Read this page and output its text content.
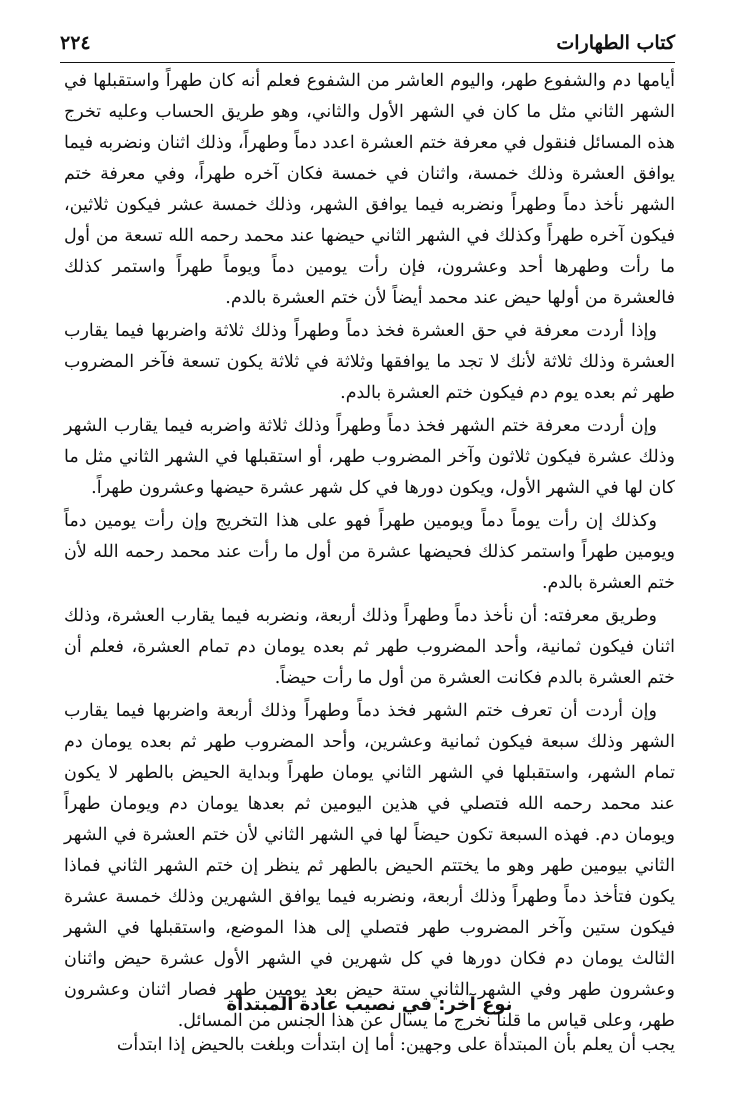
كتاب الطهارات
٢٢٤

أيامها دم والشفوع طهر، واليوم العاشر من الشفوع فعلم أنه كان طهراً واستقبلها في الشهر الثاني مثل ما كان في الشهر الأول والثاني، وهو طريق الحساب وعليه تخرج هذه المسائل فنقول في معرفة ختم العشرة اعدد دماً وطهراً، وذلك اثنان ونضربه فيما يوافق العشرة وذلك خمسة، واثنان في خمسة فكان آخره طهراً، وفي معرفة ختم الشهر نأخذ دماً وطهراً ونضربه فيما يوافق الشهر، وذلك خمسة عشر فيكون ثلاثين، فيكون آخره طهراً وكذلك في الشهر الثاني حيضها عند محمد رحمه الله تسعة من أول ما رأت وطهرها أحد وعشرون، فإن رأت يومين دماً ويوماً طهراً واستمر كذلك فالعشرة من أولها حيض عند محمد أيضاً لأن ختم العشرة بالدم.

وإذا أردت معرفة في حق العشرة فخذ دماً وطهراً وذلك ثلاثة واضربها فيما يقارب العشرة وذلك ثلاثة لأنك لا تجد ما يوافقها وثلاثة في ثلاثة يكون تسعة فآخر المضروب طهر ثم بعده يوم دم فيكون ختم العشرة بالدم.

وإن أردت معرفة ختم الشهر فخذ دماً وطهراً وذلك ثلاثة واضربه فيما يقارب الشهر وذلك عشرة فيكون ثلاثون وآخر المضروب طهر، أو استقبلها في الشهر الثاني مثل ما كان لها في الشهر الأول، ويكون دورها في كل شهر عشرة حيضها وعشرون طهراً.

وكذلك إن رأت يوماً دماً ويومين طهراً فهو على هذا التخريج وإن رأت يومين دماً ويومين طهراً واستمر كذلك فحيضها عشرة من أول ما رأت عند محمد رحمه الله لأن ختم العشرة بالدم.

وطريق معرفته: أن نأخذ دماً وطهراً وذلك أربعة، ونضربه فيما يقارب العشرة، وذلك اثنان فيكون ثمانية، وأحد المضروب طهر ثم بعده يومان دم تمام العشرة، فعلم أن ختم العشرة بالدم فكانت العشرة من أول ما رأت حيضاً.

وإن أردت أن تعرف ختم الشهر فخذ دماً وطهراً وذلك أربعة واضربها فيما يقارب الشهر وذلك سبعة فيكون ثمانية وعشرين، وأحد المضروب طهر ثم بعده يومان دم تمام الشهر، واستقبلها في الشهر الثاني يومان طهراً وبداية الحيض بالطهر لا يكون عند محمد رحمه الله فتصلي في هذين اليومين ثم بعدها يومان دم ويومان طهراً ويومان دم. فهذه السبعة تكون حيضاً لها في الشهر الثاني لأن ختم العشرة في الشهر الثاني بيومين طهر وهو ما يختتم الحيض بالطهر ثم ينظر إن ختم الشهر الثاني فماذا يكون فتأخذ دماً وطهراً وذلك أربعة، ونضربه فيما يوافق الشهرين وذلك خمسة عشرة فيكون ستين وآخر المضروب طهر فتصلي إلى هذا الموضع، واستقبلها في الشهر الثالث يومان دم فكان دورها في كل شهرين في الشهر الأول عشرة حيض واثنان وعشرون طهر وفي الشهر الثاني ستة حيض بعد يومين طهر فصار اثنان وعشرون طهر، وعلى قياس ما قلنا نخرج ما يسأل عن هذا الجنس من المسائل.

نوع آخر: في نصيب عادة المبتدأة
يجب أن يعلم بأن المبتدأة على وجهين: أما إن ابتدأت وبلغت بالحيض إذا ابتدأت
